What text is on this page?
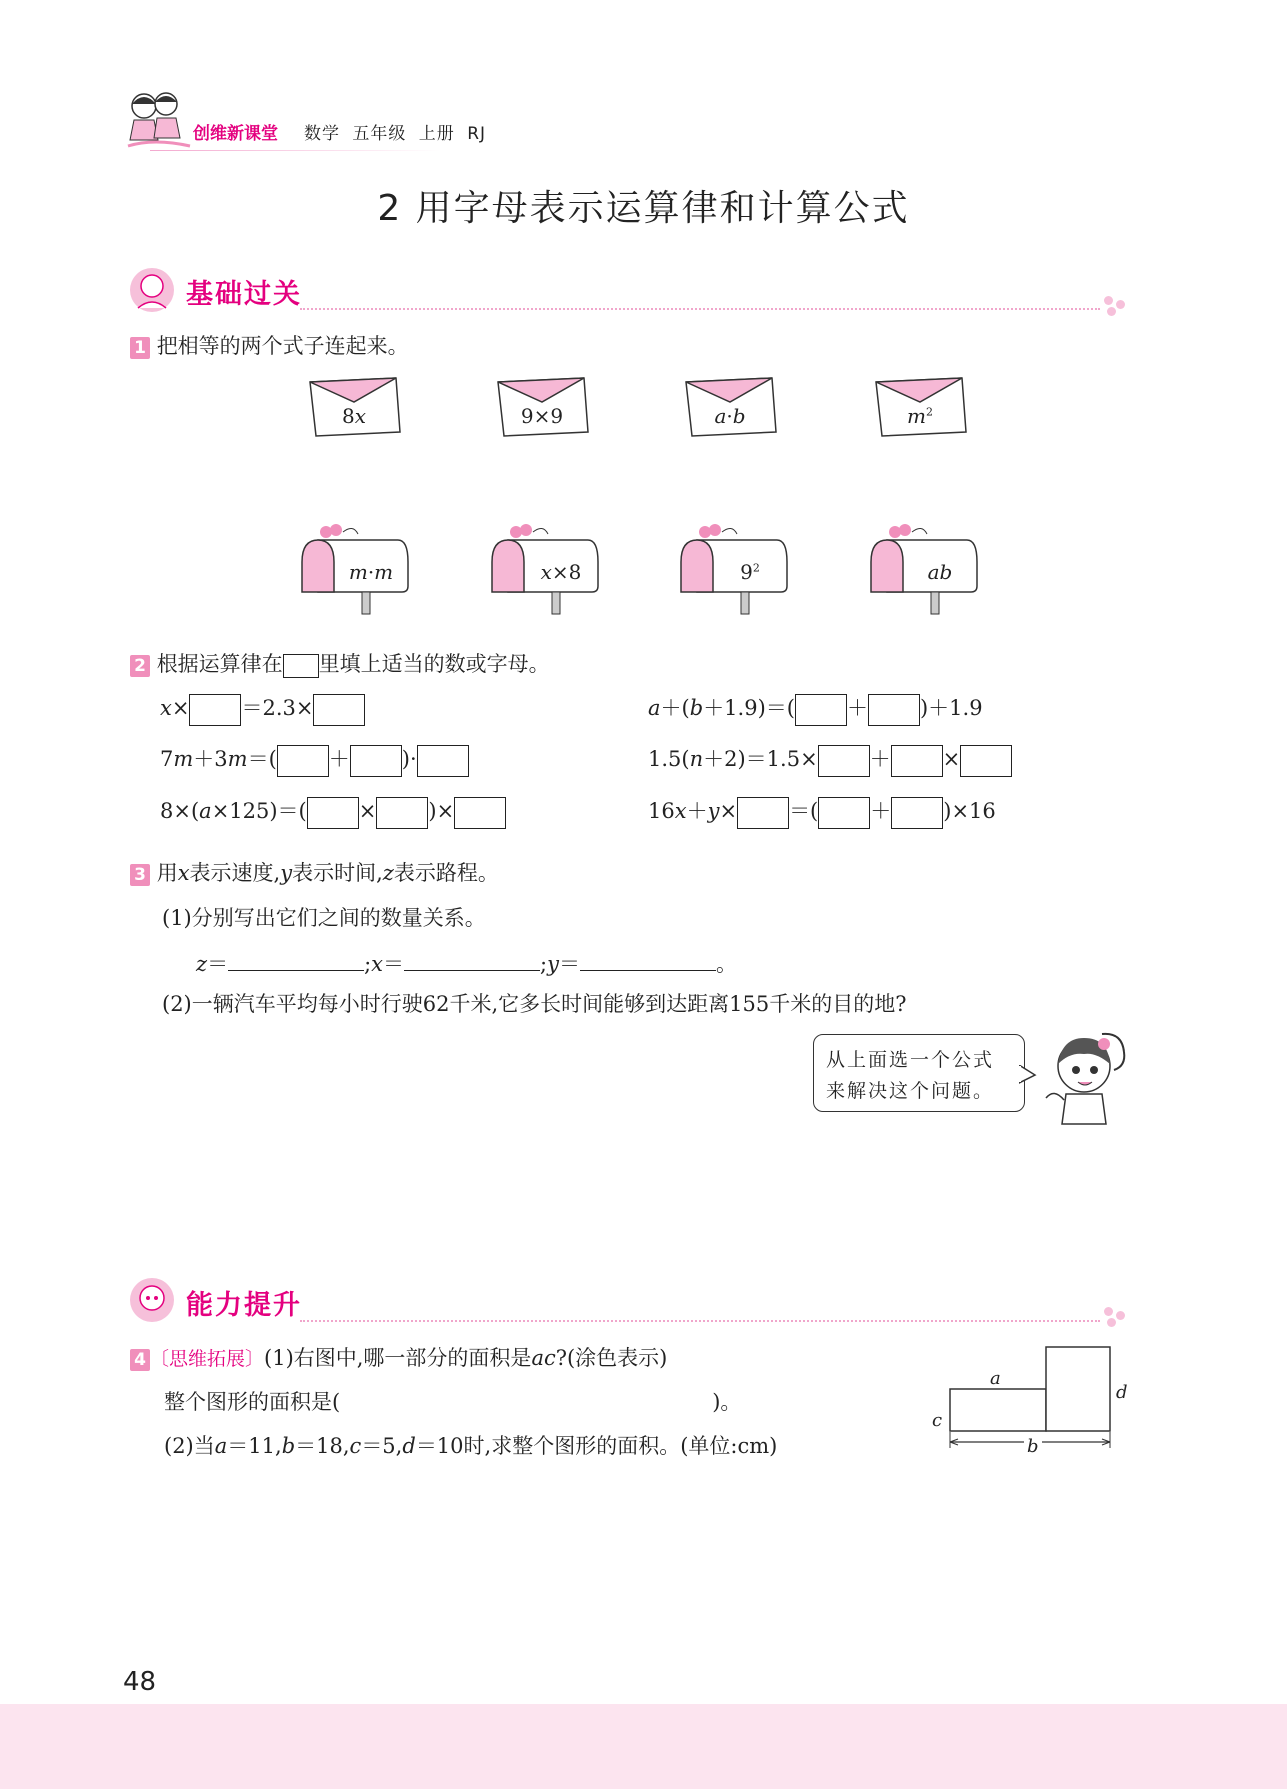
创维新课堂 数学 五年级 上册 RJ
2 用字母表示运算律和计算公式
基础过关
1 把相等的两个式子连起来。
8x	9×9	a·b	$m^2$
m·m	x×8	$9^2$	ab
2 根据运算律在 里填上适当的数或字母。
x× ＝2.3×	a＋(b＋1.9)＝( ＋ )＋1.9
7m＋3m＝( ＋ )·	1.5(n＋2)＝1.5× ＋ ×
8×(a×125)＝( × )×	16x＋y× ＝( ＋ )×16
3 用x表示速度,y表示时间,z表示路程。
(1)分别写出它们之间的数量关系。
z＝	;x＝	;y＝	。
(2)一辆汽车平均每小时行驶62千米,它多长时间能够到达距离155千米的目的地?
从上面选一个公式
来解决这个问题。
能力提升
4 〔思维拓展〕(1)右图中,哪一部分的面积是ac?(涂色表示)
整个图形的面积是(	)。
(2)当a＝11,b＝18,c＝5,d＝10时,求整个图形的面积。(单位:cm)
a
c
d
b
48
